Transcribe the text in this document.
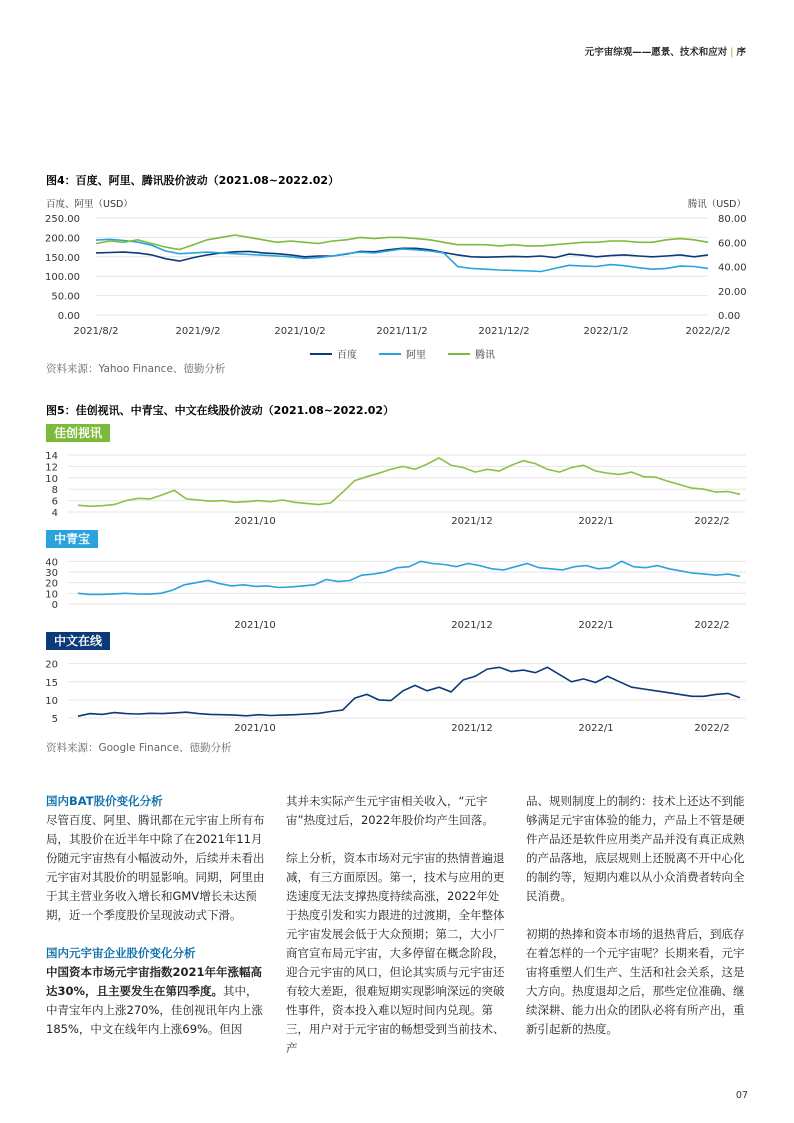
元宇宙综观——愿景、技术和应对 | 序
图4：百度、阿里、腾讯股价波动（2021.08~2022.02）
百度、阿里（USD）	腾讯（USD）
250.00
200.00
150.00
100.00
50.00
0.00
80.00
60.00
40.00
20.00
0.00
2021/8/2	2021/9/2	2021/10/2	2021/11/2	2021/12/2	2022/1/2	2022/2/2
百度	阿里	腾讯
资料来源：Yahoo Finance、德勤分析
图5：佳创视讯、中青宝、中文在线股价波动（2021.08~2022.02）
佳创视讯
中青宝
中文在线
14
12
10
8
6
4
2021/10	2021/12	2022/1	2022/2
40
30
20
10
0
2021/10	2021/12	2022/1	2022/2
20
15
10
5
2021/10	2021/12	2022/1	2022/2
资料来源：Google Finance、德勤分析

国内BAT股价变化分析

尽管百度、阿里、腾讯都在元宇宙上所有布局，其股价在近半年中除了在2021年11月份随元宇宙热有小幅波动外，后续并未看出元宇宙对其股价的明显影响。同期，阿里由于其主营业务收入增长和GMV增长未达预期，近一个季度股价呈现波动式下滑。

国内元宇宙企业股价变化分析

中国资本市场元宇宙指数2021年年涨幅高达30%，且主要发生在第四季度。其中，中青宝年内上涨270%，佳创视讯年内上涨185%，中文在线年内上涨69%。但因

其并未实际产生元宇宙相关收入，“元宇宙”热度过后，2022年股价均产生回落。

综上分析，资本市场对元宇宙的热情普遍退减，有三方面原因。第一，技术与应用的更迭速度无法支撑热度持续高涨，2022年处于热度引发和实力跟进的过渡期，全年整体元宇宙发展会低于大众预期；第二，大小厂商官宣布局元宇宙，大多停留在概念阶段，迎合元宇宙的风口，但论其实质与元宇宙还有较大差距，很难短期实现影响深远的突破性事件，资本投入难以短时间内兑现。第三，用户对于元宇宙的畅想受到当前技术、产

品、规则制度上的制约：技术上还达不到能够满足元宇宙体验的能力，产品上不管是硬件产品还是软件应用类产品并没有真正成熟的产品落地，底层规则上还脱离不开中心化的制约等，短期内难以从小众消费者转向全民消费。

初期的热捧和资本市场的退热背后，到底存在着怎样的一个元宇宙呢？长期来看，元宇宙将重塑人们生产、生活和社会关系，这是大方向。热度退却之后，那些定位准确、继续深耕、能力出众的团队必将有所产出，重新引起新的热度。

07
